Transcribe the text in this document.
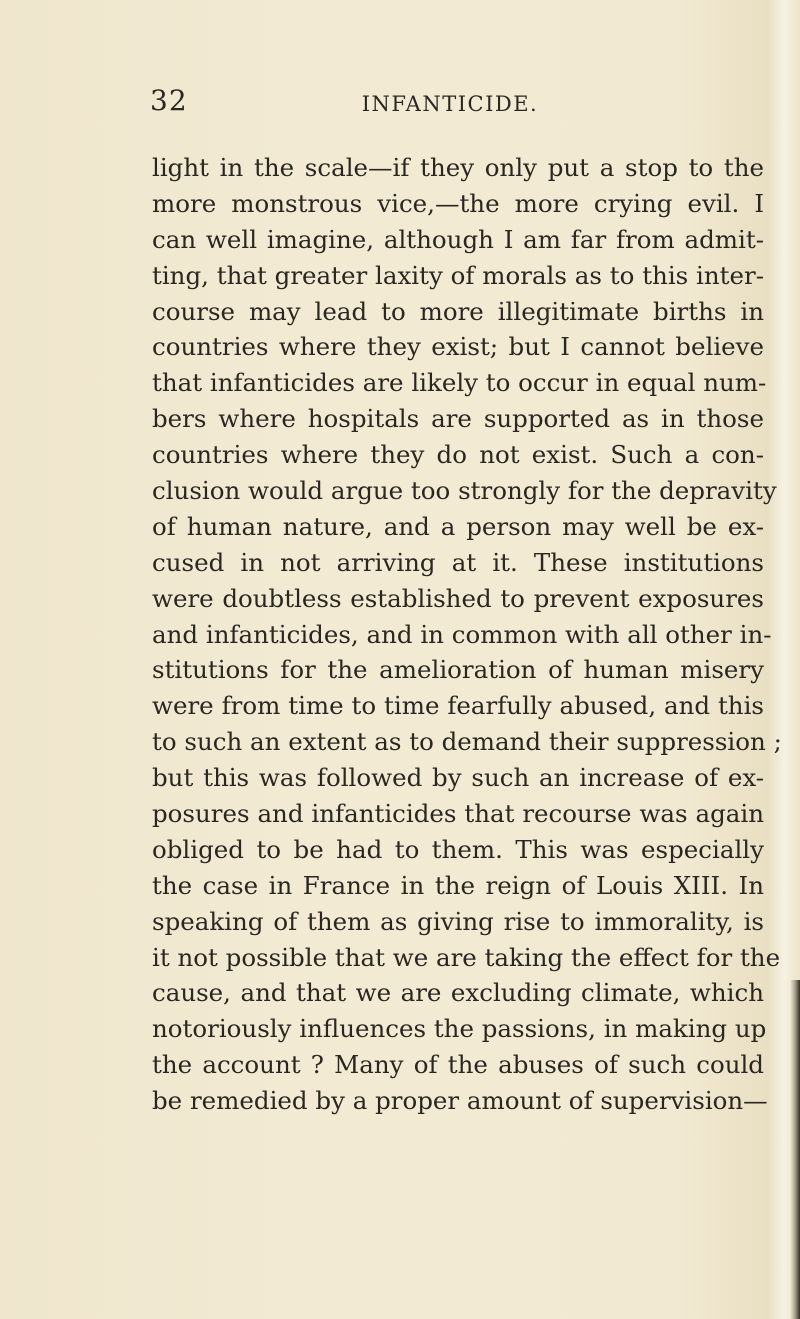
32	INFANTICIDE.
light in the scale—if they only put a stop to the
more monstrous vice,—the more crying evil. I
can well imagine, although I am far from admit-
ting, that greater laxity of morals as to this inter-
course may lead to more illegitimate births in
countries where they exist; but I cannot believe
that infanticides are likely to occur in equal num-
bers where hospitals are supported as in those
countries where they do not exist. Such a con-
clusion would argue too strongly for the depravity
of human nature, and a person may well be ex-
cused in not arriving at it. These institutions
were doubtless established to prevent exposures
and infanticides, and in common with all other in-
stitutions for the amelioration of human misery
were from time to time fearfully abused, and this
to such an extent as to demand their suppression ;
but this was followed by such an increase of ex-
posures and infanticides that recourse was again
obliged to be had to them. This was especially
the case in France in the reign of Louis XIII. In
speaking of them as giving rise to immorality, is
it not possible that we are taking the effect for the
cause, and that we are excluding climate, which
notoriously influences the passions, in making up
the account ? Many of the abuses of such could
be remedied by a proper amount of supervision—
